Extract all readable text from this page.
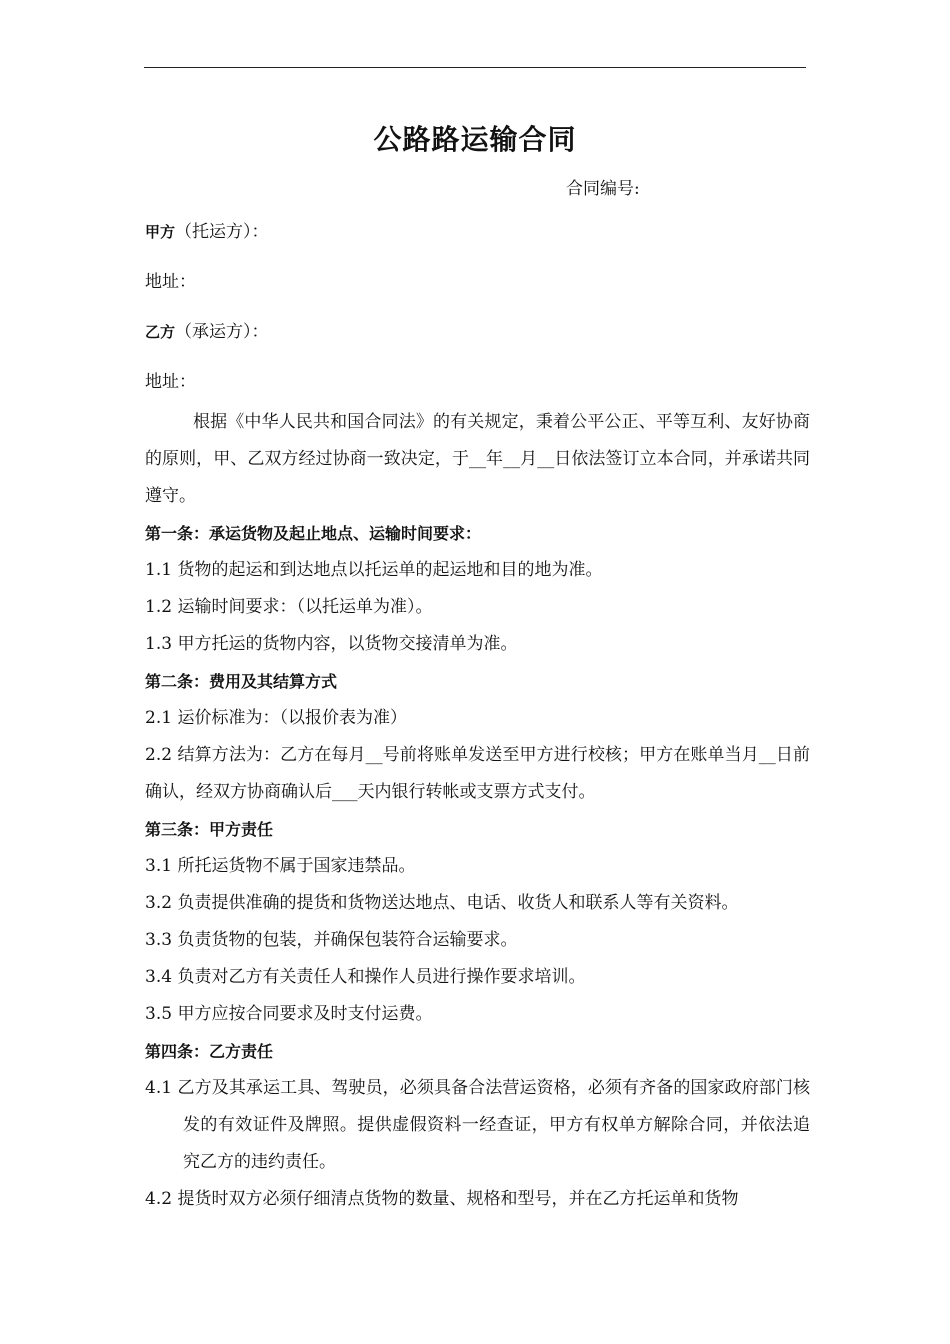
公路路运输合同
合同编号:
甲方（托运方）：
地址：
乙方（承运方）：
地址：

根据《中华人民共和国合同法》的有关规定，秉着公平公正、平等互利、友好协商的原则，甲、乙双方经过协商一致决定，于__年__月__日依法签订立本合同，并承诺共同遵守。

第一条：承运货物及起止地点、运输时间要求：

1.1 货物的起运和到达地点以托运单的起运地和目的地为准。

1.2 运输时间要求：（以托运单为准）。

1.3 甲方托运的货物内容，以货物交接清单为准。

第二条：费用及其结算方式

2.1 运价标准为：（以报价表为准）

2.2 结算方法为：乙方在每月__号前将账单发送至甲方进行校核；甲方在账单当月__日前确认，经双方协商确认后___天内银行转帐或支票方式支付。

第三条：甲方责任

3.1 所托运货物不属于国家违禁品。

3.2 负责提供准确的提货和货物送达地点、电话、收货人和联系人等有关资料。

3.3 负责货物的包装，并确保包装符合运输要求。

3.4 负责对乙方有关责任人和操作人员进行操作要求培训。

3.5 甲方应按合同要求及时支付运费。

第四条：乙方责任

4.1 乙方及其承运工具、驾驶员，必须具备合法营运资格，必须有齐备的国家政府部门核发的有效证件及牌照。提供虚假资料一经查证，甲方有权单方解除合同，并依法追究乙方的违约责任。

4.2 提货时双方必须仔细清点货物的数量、规格和型号，并在乙方托运单和货物
